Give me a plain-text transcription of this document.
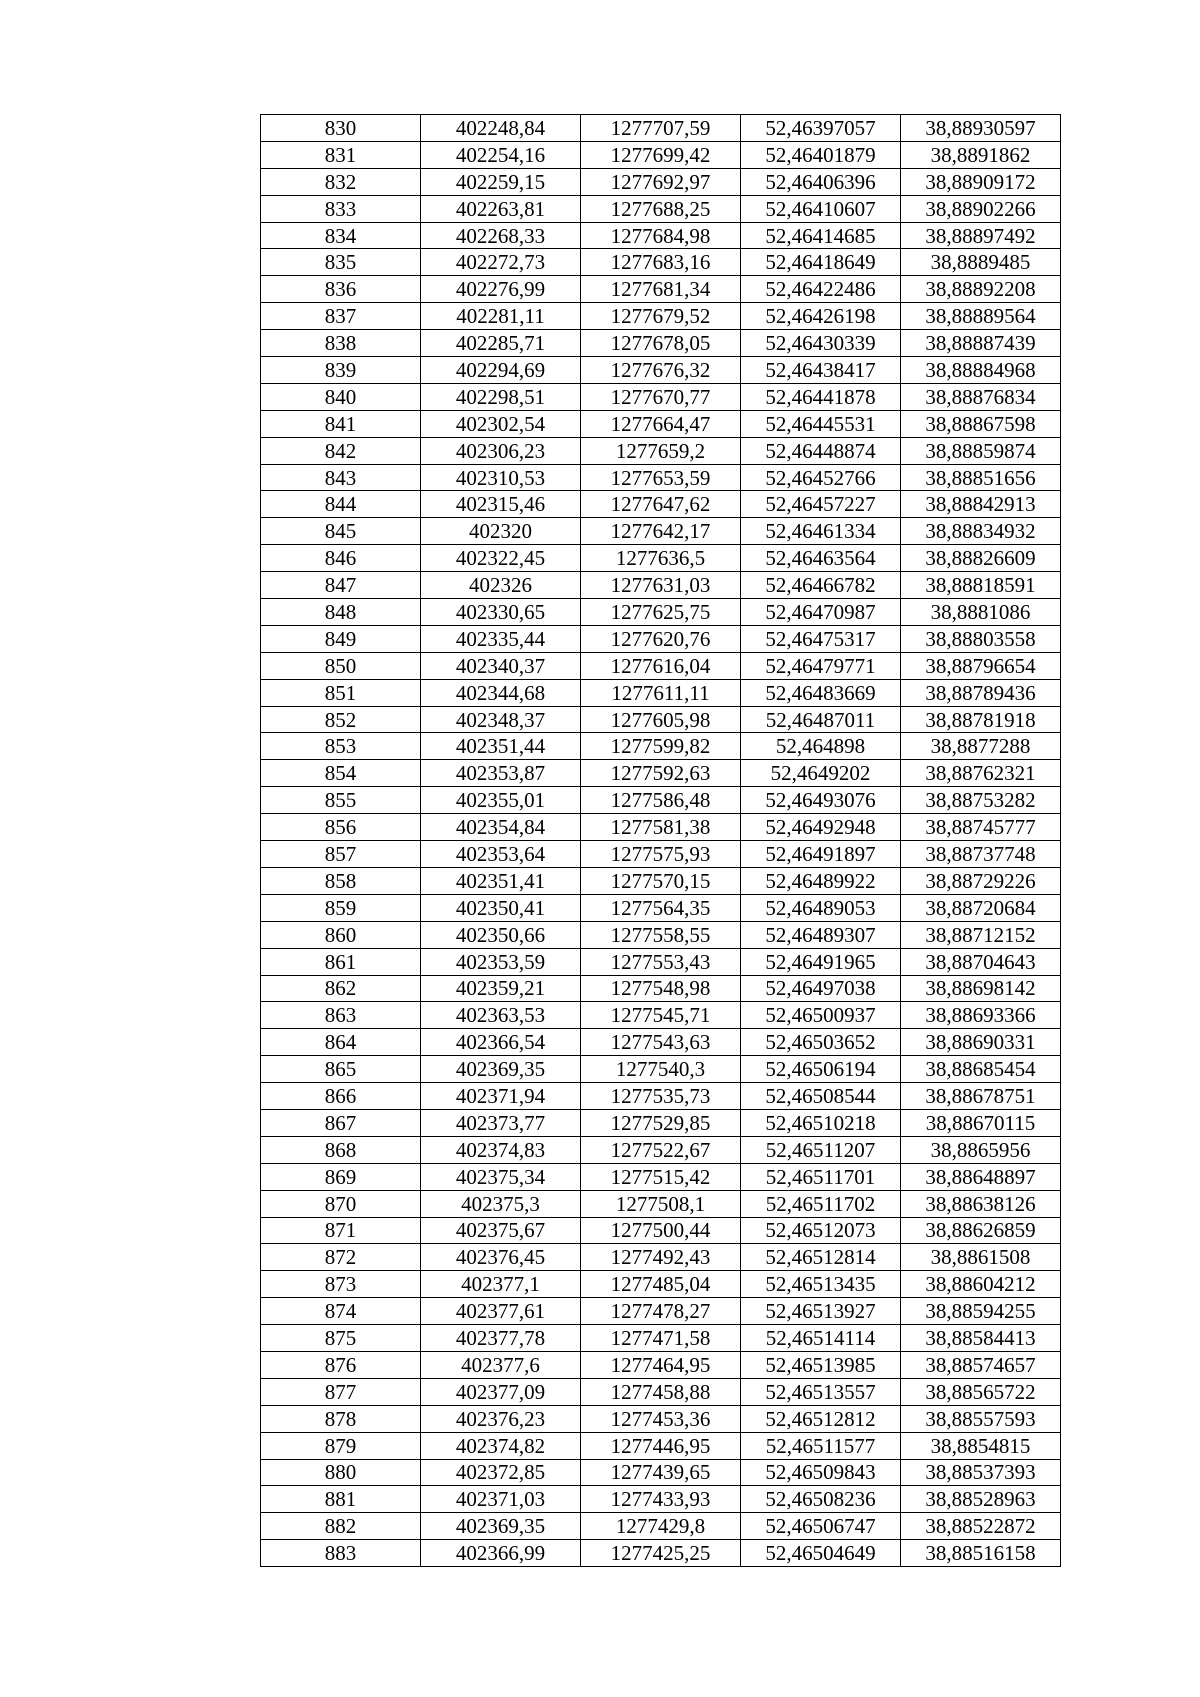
830	402248,84	1277707,59	52,46397057	38,88930597
831	402254,16	1277699,42	52,46401879	38,8891862
832	402259,15	1277692,97	52,46406396	38,88909172
833	402263,81	1277688,25	52,46410607	38,88902266
834	402268,33	1277684,98	52,46414685	38,88897492
835	402272,73	1277683,16	52,46418649	38,8889485
836	402276,99	1277681,34	52,46422486	38,88892208
837	402281,11	1277679,52	52,46426198	38,88889564
838	402285,71	1277678,05	52,46430339	38,88887439
839	402294,69	1277676,32	52,46438417	38,88884968
840	402298,51	1277670,77	52,46441878	38,88876834
841	402302,54	1277664,47	52,46445531	38,88867598
842	402306,23	1277659,2	52,46448874	38,88859874
843	402310,53	1277653,59	52,46452766	38,88851656
844	402315,46	1277647,62	52,46457227	38,88842913
845	402320	1277642,17	52,46461334	38,88834932
846	402322,45	1277636,5	52,46463564	38,88826609
847	402326	1277631,03	52,46466782	38,88818591
848	402330,65	1277625,75	52,46470987	38,8881086
849	402335,44	1277620,76	52,46475317	38,88803558
850	402340,37	1277616,04	52,46479771	38,88796654
851	402344,68	1277611,11	52,46483669	38,88789436
852	402348,37	1277605,98	52,46487011	38,88781918
853	402351,44	1277599,82	52,464898	38,8877288
854	402353,87	1277592,63	52,4649202	38,88762321
855	402355,01	1277586,48	52,46493076	38,88753282
856	402354,84	1277581,38	52,46492948	38,88745777
857	402353,64	1277575,93	52,46491897	38,88737748
858	402351,41	1277570,15	52,46489922	38,88729226
859	402350,41	1277564,35	52,46489053	38,88720684
860	402350,66	1277558,55	52,46489307	38,88712152
861	402353,59	1277553,43	52,46491965	38,88704643
862	402359,21	1277548,98	52,46497038	38,88698142
863	402363,53	1277545,71	52,46500937	38,88693366
864	402366,54	1277543,63	52,46503652	38,88690331
865	402369,35	1277540,3	52,46506194	38,88685454
866	402371,94	1277535,73	52,46508544	38,88678751
867	402373,77	1277529,85	52,46510218	38,88670115
868	402374,83	1277522,67	52,46511207	38,8865956
869	402375,34	1277515,42	52,46511701	38,88648897
870	402375,3	1277508,1	52,46511702	38,88638126
871	402375,67	1277500,44	52,46512073	38,88626859
872	402376,45	1277492,43	52,46512814	38,8861508
873	402377,1	1277485,04	52,46513435	38,88604212
874	402377,61	1277478,27	52,46513927	38,88594255
875	402377,78	1277471,58	52,46514114	38,88584413
876	402377,6	1277464,95	52,46513985	38,88574657
877	402377,09	1277458,88	52,46513557	38,88565722
878	402376,23	1277453,36	52,46512812	38,88557593
879	402374,82	1277446,95	52,46511577	38,8854815
880	402372,85	1277439,65	52,46509843	38,88537393
881	402371,03	1277433,93	52,46508236	38,88528963
882	402369,35	1277429,8	52,46506747	38,88522872
883	402366,99	1277425,25	52,46504649	38,88516158
